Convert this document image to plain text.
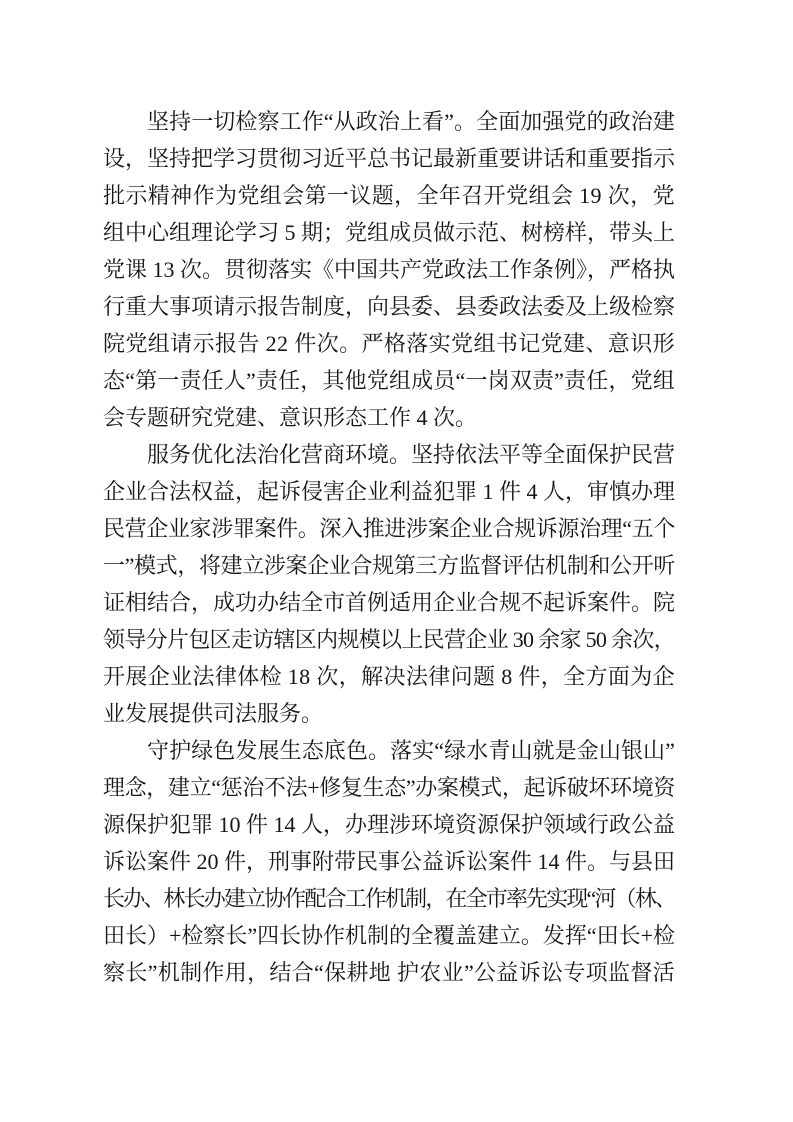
坚持一切检察工作“从政治上看”。全面加强党的政治建
设，坚持把学习贯彻习近平总书记最新重要讲话和重要指示
批示精神作为党组会第一议题，全年召开党组会 19 次，党
组中心组理论学习 5 期；党组成员做示范、树榜样，带头上
党课 13 次。贯彻落实《中国共产党政法工作条例》，严格执
行重大事项请示报告制度，向县委、县委政法委及上级检察
院党组请示报告 22 件次。严格落实党组书记党建、意识形
态“第一责任人”责任，其他党组成员“一岗双责”责任，党组
会专题研究党建、意识形态工作 4 次。
服务优化法治化营商环境。坚持依法平等全面保护民营
企业合法权益，起诉侵害企业利益犯罪 1 件 4 人，审慎办理
民营企业家涉罪案件。深入推进涉案企业合规诉源治理“五个
一”模式，将建立涉案企业合规第三方监督评估机制和公开听
证相结合，成功办结全市首例适用企业合规不起诉案件。院
领导分片包区走访辖区内规模以上民营企业 30 余家 50 余次，
开展企业法律体检 18 次，解决法律问题 8 件，全方面为企
业发展提供司法服务。
守护绿色发展生态底色。落实“绿水青山就是金山银山”
理念，建立“惩治不法+修复生态”办案模式，起诉破坏环境资
源保护犯罪 10 件 14 人，办理涉环境资源保护领域行政公益
诉讼案件 20 件，刑事附带民事公益诉讼案件 14 件。与县田
长办、林长办建立协作配合工作机制，在全市率先实现“河（林、
田长）+检察长”四长协作机制的全覆盖建立。发挥“田长+检
察长”机制作用，结合“保耕地 护农业”公益诉讼专项监督活
